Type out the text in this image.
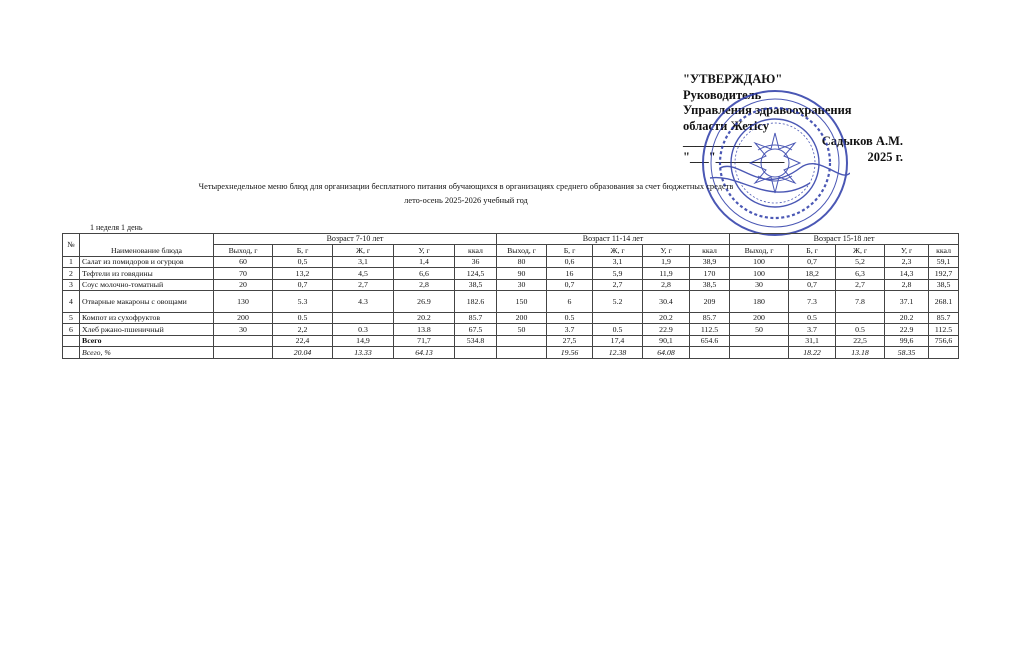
"УТВЕРЖДАЮ"
Руководитель
Управления здравоохранения
области Жетісу
___________	Садыков А.М.
"___"___________	2025 г.
Четырехнедельное меню блюд для организации бесплатного питания обучающихся в организациях среднего образования за счет бюджетных средств
лето-осень 2025-2026 учебный год
1 неделя 1 день
№		Возраст 7-10 лет					Возраст 11-14 лет					Возраст 15-18 лет				
	Наименование блюда	Выход, г	Б, г	Ж, г	У, г	ккал	Выход, г	Б, г	Ж, г	У, г	ккал	Выход, г	Б, г	Ж, г	У, г	ккал
1	Салат из помидоров и огурцов	60	0,5	3,1	1,4	36	80	0,6	3,1	1,9	38,9	100	0,7	5,2	2,3	59,1
2	Тефтели из говядины	70	13,2	4,5	6,6	124,5	90	16	5,9	11,9	170	100	18,2	6,3	14,3	192,7
3	Соус молочно-томатный	20	0,7	2,7	2,8	38,5	30	0,7	2,7	2,8	38,5	30	0,7	2,7	2,8	38,5
4	Отварные макароны с овощами	130	5.3	4.3	26.9	182.6	150	6	5.2	30.4	209	180	7.3	7.8	37.1	268.1
5	Компот из сухофруктов	200	0.5		20.2	85.7	200	0.5		20.2	85.7	200	0.5		20.2	85.7
6	Хлеб ржано-пшеничный	30	2,2	0.3	13.8	67.5	50	3.7	0.5	22.9	112.5	50	3.7	0.5	22.9	112.5
	Всего		22,4	14,9	71,7	534.8		27,5	17,4	90,1	654.6		31,1	22,5	99,6	756,6
	Всего, %		20.04	13.33	64.13			19.56	12.38	64.08			18.22	13.18	58.35	
